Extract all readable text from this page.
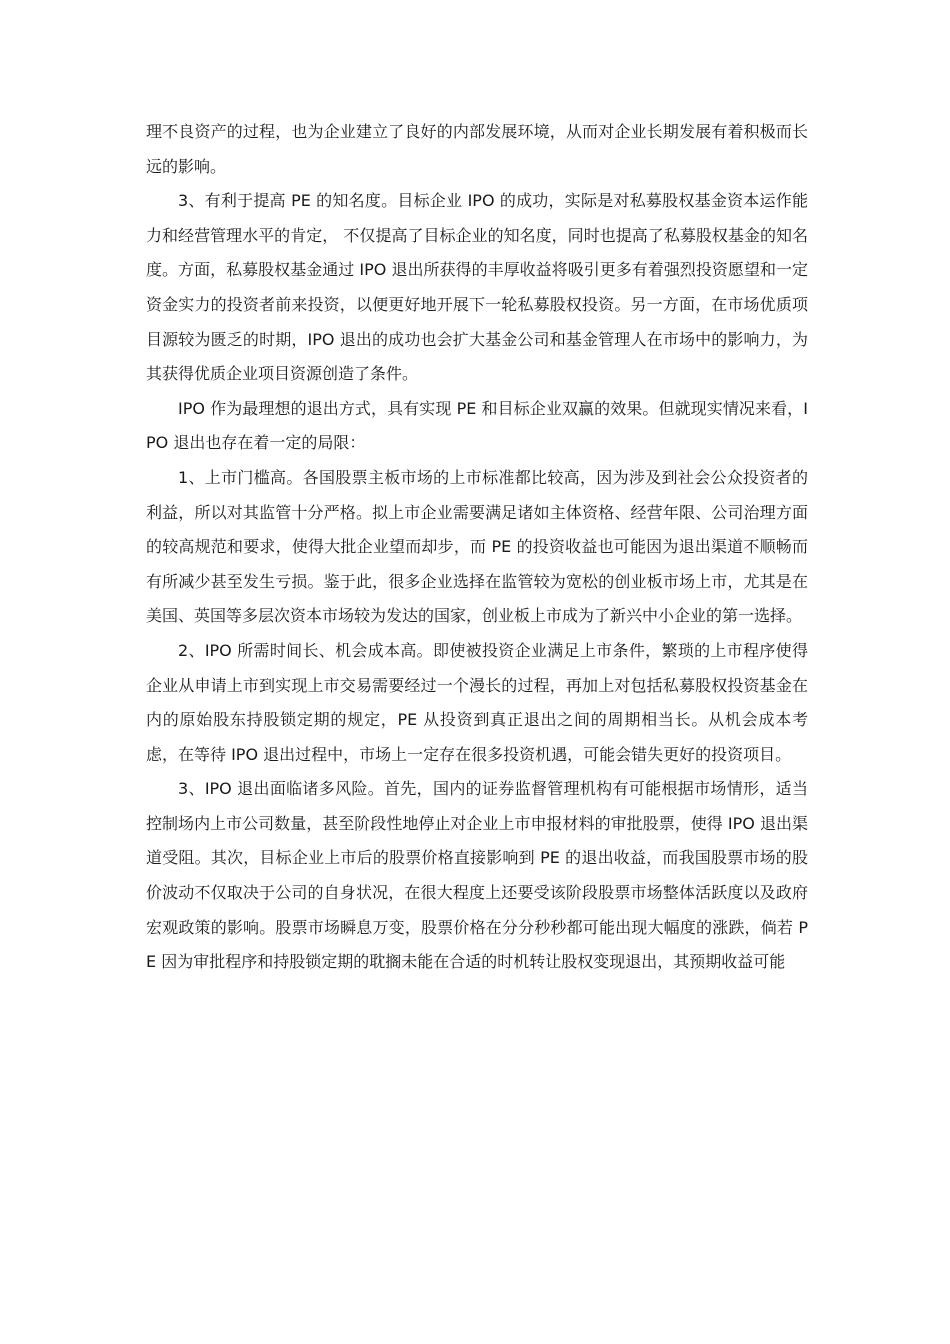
理不良资产的过程，也为企业建立了良好的内部发展环境，从而对企业长期发展有着积极而长远的影响。

3、有利于提高 PE 的知名度。目标企业 IPO 的成功，实际是对私募股权基金资本运作能力和经营管理水平的肯定， 不仅提高了目标企业的知名度，同时也提高了私募股权基金的知名度。方面，私募股权基金通过 IPO 退出所获得的丰厚收益将吸引更多有着强烈投资愿望和一定资金实力的投资者前来投资，以便更好地开展下一轮私募股权投资。另一方面，在市场优质项目源较为匮乏的时期，IPO 退出的成功也会扩大基金公司和基金管理人在市场中的影响力，为其获得优质企业项目资源创造了条件。

IPO 作为最理想的退出方式，具有实现 PE 和目标企业双赢的效果。但就现实情况来看，IPO 退出也存在着一定的局限：

1、上市门槛高。各国股票主板市场的上市标准都比较高，因为涉及到社会公众投资者的利益，所以对其监管十分严格。拟上市企业需要满足诸如主体资格、经营年限、公司治理方面的较高规范和要求，使得大批企业望而却步，而 PE 的投资收益也可能因为退出渠道不顺畅而有所减少甚至发生亏损。鉴于此，很多企业选择在监管较为宽松的创业板市场上市，尤其是在美国、英国等多层次资本市场较为发达的国家，创业板上市成为了新兴中小企业的第一选择。

2、IPO 所需时间长、机会成本高。即使被投资企业满足上市条件，繁琐的上市程序使得企业从申请上市到实现上市交易需要经过一个漫长的过程，再加上对包括私募股权投资基金在内的原始股东持股锁定期的规定，PE 从投资到真正退出之间的周期相当长。从机会成本考虑，在等待 IPO 退出过程中，市场上一定存在很多投资机遇，可能会错失更好的投资项目。

3、IPO 退出面临诸多风险。首先，国内的证券监督管理机构有可能根据市场情形，适当控制场内上市公司数量，甚至阶段性地停止对企业上市申报材料的审批股票，使得 IPO 退出渠道受阻。其次，目标企业上市后的股票价格直接影响到 PE 的退出收益，而我国股票市场的股价波动不仅取决于公司的自身状况，在很大程度上还要受该阶段股票市场整体活跃度以及政府宏观政策的影响。股票市场瞬息万变，股票价格在分分秒秒都可能出现大幅度的涨跌，倘若 PE 因为审批程序和持股锁定期的耽搁未能在合适的时机转让股权变现退出，其预期收益可能
